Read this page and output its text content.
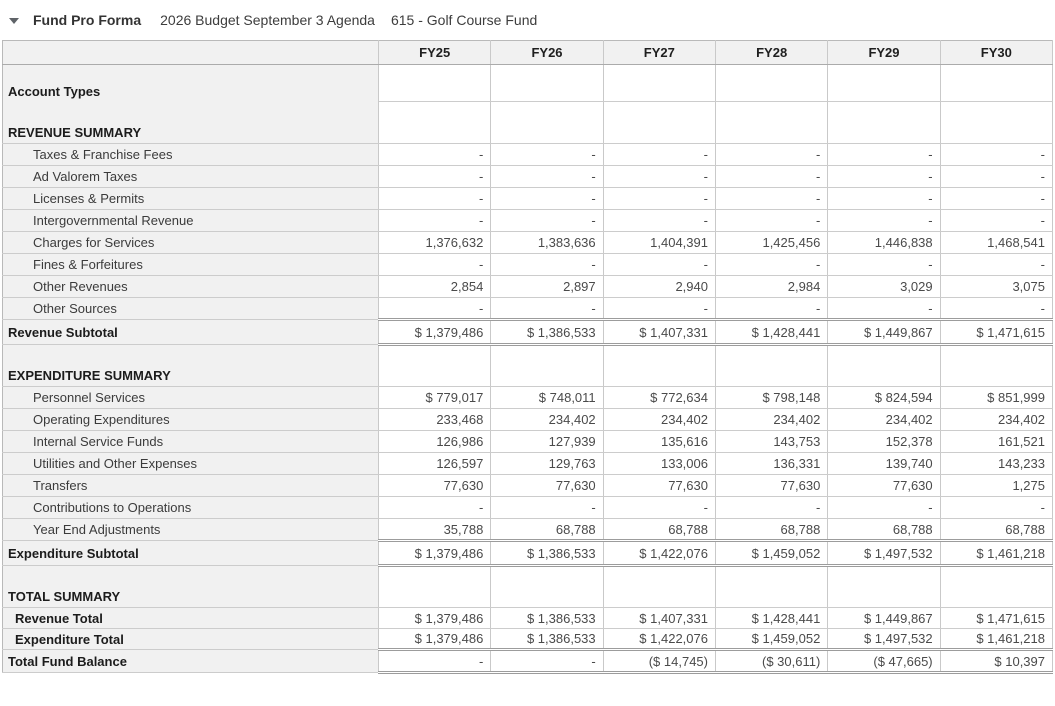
Fund Pro Forma 2026 Budget September 3 Agenda 615 - Golf Course Fund
	FY25	FY26	FY27	FY28	FY29	FY30
Account Types						
REVENUE SUMMARY						
Taxes & Franchise Fees	-	-	-	-	-	-
Ad Valorem Taxes	-	-	-	-	-	-
Licenses & Permits	-	-	-	-	-	-
Intergovernmental Revenue	-	-	-	-	-	-
Charges for Services	1,376,632	1,383,636	1,404,391	1,425,456	1,446,838	1,468,541
Fines & Forfeitures	-	-	-	-	-	-
Other Revenues	2,854	2,897	2,940	2,984	3,029	3,075
Other Sources	-	-	-	-	-	-
Revenue Subtotal	$ 1,379,486	$ 1,386,533	$ 1,407,331	$ 1,428,441	$ 1,449,867	$ 1,471,615
EXPENDITURE SUMMARY						
Personnel Services	$ 779,017	$ 748,011	$ 772,634	$ 798,148	$ 824,594	$ 851,999
Operating Expenditures	233,468	234,402	234,402	234,402	234,402	234,402
Internal Service Funds	126,986	127,939	135,616	143,753	152,378	161,521
Utilities and Other Expenses	126,597	129,763	133,006	136,331	139,740	143,233
Transfers	77,630	77,630	77,630	77,630	77,630	1,275
Contributions to Operations	-	-	-	-	-	-
Year End Adjustments	35,788	68,788	68,788	68,788	68,788	68,788
Expenditure Subtotal	$ 1,379,486	$ 1,386,533	$ 1,422,076	$ 1,459,052	$ 1,497,532	$ 1,461,218
TOTAL SUMMARY						
Revenue Total	$ 1,379,486	$ 1,386,533	$ 1,407,331	$ 1,428,441	$ 1,449,867	$ 1,471,615
Expenditure Total	$ 1,379,486	$ 1,386,533	$ 1,422,076	$ 1,459,052	$ 1,497,532	$ 1,461,218
Total Fund Balance	-	-	($ 14,745)	($ 30,611)	($ 47,665)	$ 10,397
